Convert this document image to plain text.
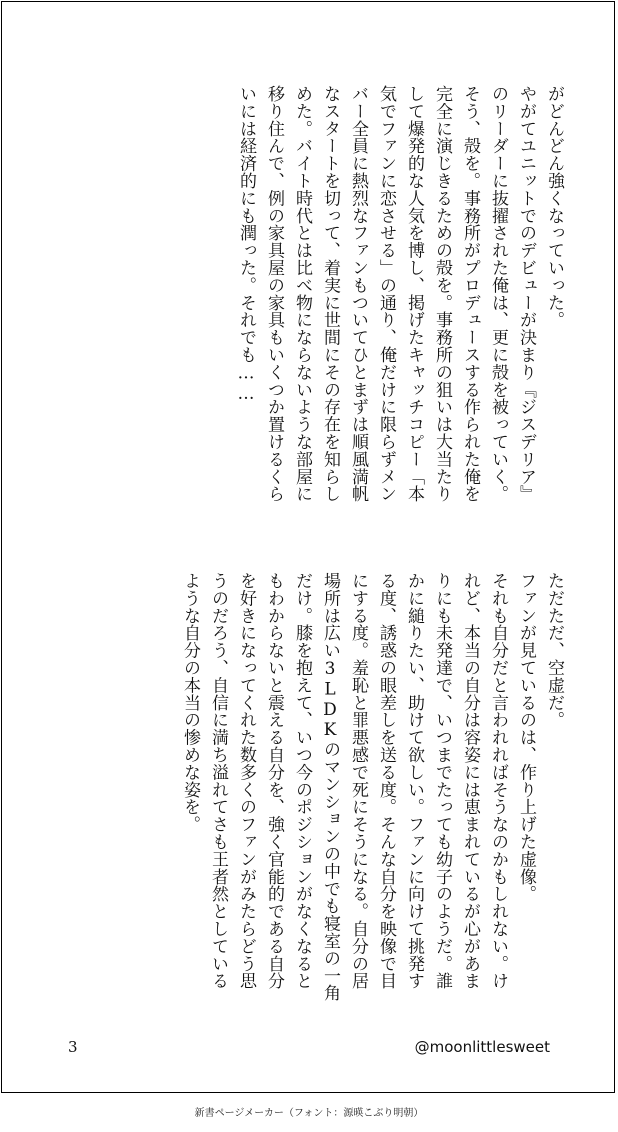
がどんどん強くなっていった。
やがてユニットでのデビューが決まり『ジスデリア』
のリーダーに抜擢された俺は、更に殻を被っていく。
そう、殻を。事務所がプロデュースする作られた俺を
完全に演じきるための殻を。事務所の狙いは大当たり
して爆発的な人気を博し、掲げたキャッチコピー「本
気でファンに恋させる」の通り、俺だけに限らずメン
バー全員に熱烈なファンもついてひとまずは順風満帆
なスタートを切って、着実に世間にその存在を知らし
めた。バイト時代とは比べ物にならないような部屋に
移り住んで、例の家具屋の家具もいくつか置けるくら
いには経済的にも潤った。それでも……
ただただ、空虚だ。
ファンが見ているのは、作り上げた虚像。
それも自分だと言われればそうなのかもしれない。け
れど、本当の自分は容姿には恵まれているが心があま
りにも未発達で、いつまでたっても幼子のようだ。誰
かに縋りたい、助けて欲しい。ファンに向けて挑発す
る度、誘惑の眼差しを送る度。そんな自分を映像で目
にする度。羞恥と罪悪感で死にそうになる。自分の居
場所は広い3LDKのマンションの中でも寝室の一角
だけ。膝を抱えて、いつ今のポジションがなくなると
もわからないと震える自分を、強く官能的である自分
を好きになってくれた数多くのファンがみたらどう思
うのだろう、自信に満ち溢れてさも王者然としている
ような自分の本当の惨めな姿を。
3	@moonlittlesweet
新書ページメーカー（フォント：源暎こぶり明朝）
